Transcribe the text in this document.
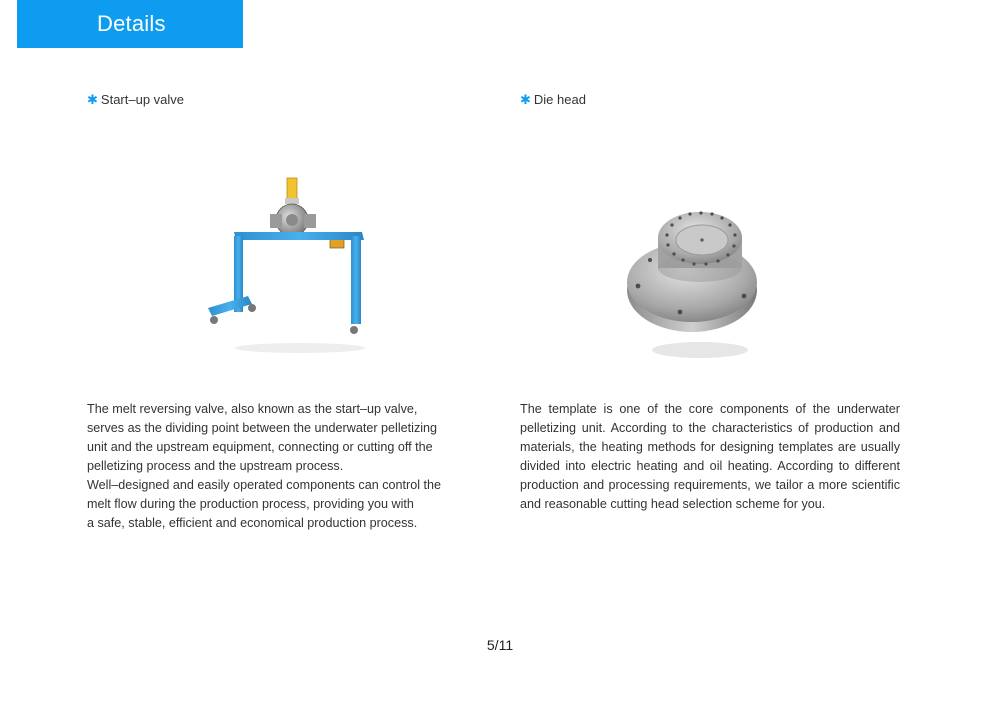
Details
✱ Start–up valve	✱ Die head
The melt reversing valve, also known as the start–up valve,
serves as the dividing point between the underwater pelletizing
unit and the upstream equipment, connecting or cutting off the
pelletizing process and the upstream process.
Well–designed and easily operated components can control the
melt flow during the production process, providing you with
a safe, stable, efficient and economical production process.
The template is one of the core components of the underwater pelletizing unit. According to the characteristics of production and materials, the heating methods for designing templates are usually divided into electric heating and oil heating. According to different production and processing requirements, we tailor a more scientific and reasonable cutting head selection scheme for you.
5/11
